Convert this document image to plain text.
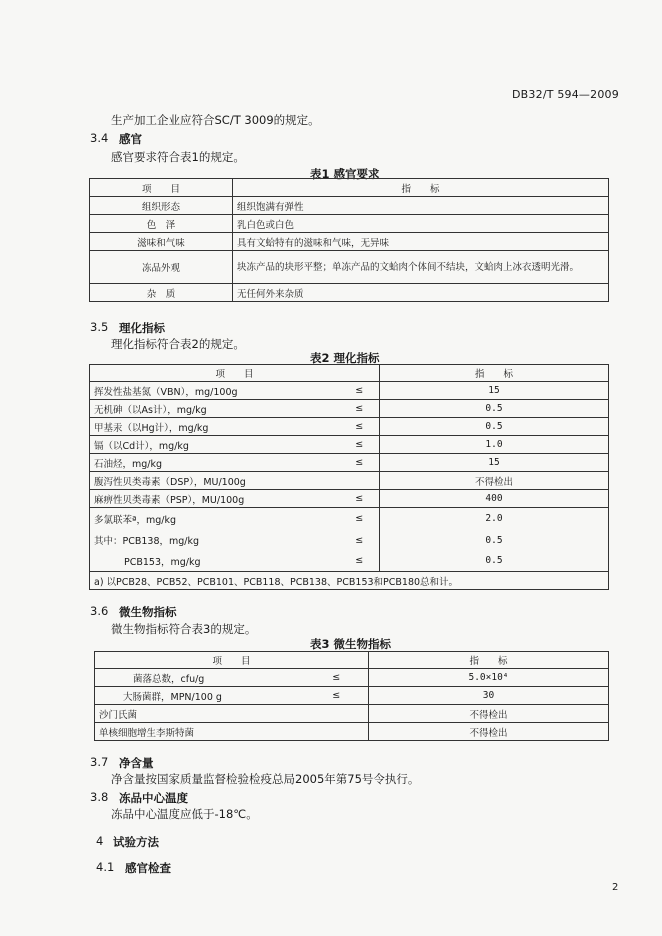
DB32/T 594—2009
生产加工企业应符合SC/T 3009的规定。
3.4 感官
感官要求符合表1的规定。
表1 感官要求
项　　目	指　　标
组织形态	组织饱满有弹性
色　泽	乳白色或白色
滋味和气味	具有文蛤特有的滋味和气味，无异味
冻品外观	块冻产品的块形平整；单冻产品的文蛤肉个体间不结块，文蛤肉上冰衣透明光滑。
杂　质	无任何外来杂质
3.5 理化指标
理化指标符合表2的规定。
表2 理化指标
项　　目		指　　标
挥发性盐基氮（VBN），mg/100g	≤	15
无机砷（以As计），mg/kg	≤	0.5
甲基汞（以Hg计），mg/kg	≤	0.5
镉（以Cd计），mg/kg	≤	1.0
石油烃，mg/kg	≤	15
腹泻性贝类毒素（DSP），MU/100g		不得检出
麻痹性贝类毒素（PSP），MU/100g	≤	400
多氯联苯ª，mg/kg	≤	2.0
其中：PCB138，mg/kg	≤	0.5
PCB153，mg/kg	≤	0.5
a) 以PCB28、PCB52、PCB101、PCB118、PCB138、PCB153和PCB180总和计。		
3.6 微生物指标
微生物指标符合表3的规定。
表3 微生物指标
项　　目		指　　标
菌落总数，cfu/g	≤	5.0×10⁴
大肠菌群，MPN/100 g	≤	30
沙门氏菌		不得检出
单核细胞增生李斯特菌		不得检出
3.7 净含量
净含量按国家质量监督检验检疫总局2005年第75号令执行。
3.8 冻品中心温度
冻品中心温度应低于-18℃。
4 试验方法
4.1 感官检查
2
